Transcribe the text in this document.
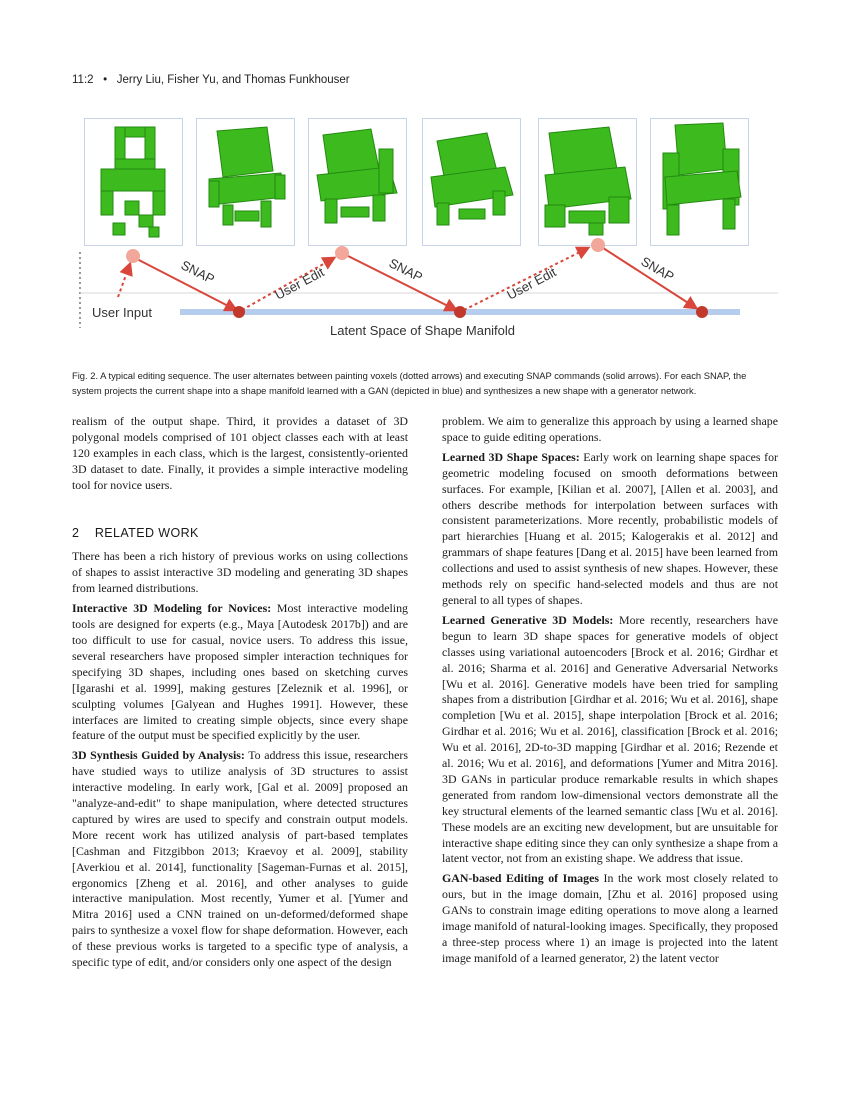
11:2 • Jerry Liu, Fisher Yu, and Thomas Funkhouser
User Input
SNAP	SNAP	SNAP
User Edit	User Edit
Latent Space of Shape Manifold
Fig. 2. A typical editing sequence. The user alternates between painting voxels (dotted arrows) and executing SNAP commands (solid arrows). For each SNAP, the system projects the current shape into a shape manifold learned with a GAN (depicted in blue) and synthesizes a new shape with a generator network.

realism of the output shape. Third, it provides a dataset of 3D polygonal models comprised of 101 object classes each with at least 120 examples in each class, which is the largest, consistently-oriented 3D dataset to date. Finally, it provides a simple interactive modeling tool for novice users.

2 RELATED WORK

There has been a rich history of previous works on using collections of shapes to assist interactive 3D modeling and generating 3D shapes from learned distributions.

Interactive 3D Modeling for Novices: Most interactive modeling tools are designed for experts (e.g., Maya [Autodesk 2017b]) and are too difficult to use for casual, novice users. To address this issue, several researchers have proposed simpler interaction techniques for specifying 3D shapes, including ones based on sketching curves [Igarashi et al. 1999], making gestures [Zeleznik et al. 1996], or sculpting volumes [Galyean and Hughes 1991]. However, these interfaces are limited to creating simple objects, since every shape feature of the output must be specified explicitly by the user.

3D Synthesis Guided by Analysis: To address this issue, researchers have studied ways to utilize analysis of 3D structures to assist interactive modeling. In early work, [Gal et al. 2009] proposed an "analyze-and-edit" to shape manipulation, where detected structures captured by wires are used to specify and constrain output models. More recent work has utilized analysis of part-based templates [Cashman and Fitzgibbon 2013; Kraevoy et al. 2009], stability [Averkiou et al. 2014], functionality [Sageman-Furnas et al. 2015], ergonomics [Zheng et al. 2016], and other analyses to guide interactive manipulation. Most recently, Yumer et al. [Yumer and Mitra 2016] used a CNN trained on un-deformed/deformed shape pairs to synthesize a voxel flow for shape deformation. However, each of these previous works is targeted to a specific type of analysis, a specific type of edit, and/or considers only one aspect of the design

problem. We aim to generalize this approach by using a learned shape space to guide editing operations.

Learned 3D Shape Spaces: Early work on learning shape spaces for geometric modeling focused on smooth deformations between surfaces. For example, [Kilian et al. 2007], [Allen et al. 2003], and others describe methods for interpolation between surfaces with consistent parameterizations. More recently, probabilistic models of part hierarchies [Huang et al. 2015; Kalogerakis et al. 2012] and grammars of shape features [Dang et al. 2015] have been learned from collections and used to assist synthesis of new shapes. However, these methods rely on specific hand-selected models and thus are not general to all types of shapes.

Learned Generative 3D Models: More recently, researchers have begun to learn 3D shape spaces for generative models of object classes using variational autoencoders [Brock et al. 2016; Girdhar et al. 2016; Sharma et al. 2016] and Generative Adversarial Networks [Wu et al. 2016]. Generative models have been tried for sampling shapes from a distribution [Girdhar et al. 2016; Wu et al. 2016], shape completion [Wu et al. 2015], shape interpolation [Brock et al. 2016; Girdhar et al. 2016; Wu et al. 2016], classification [Brock et al. 2016; Wu et al. 2016], 2D-to-3D mapping [Girdhar et al. 2016; Rezende et al. 2016; Wu et al. 2016], and deformations [Yumer and Mitra 2016]. 3D GANs in particular produce remarkable results in which shapes generated from random low-dimensional vectors demonstrate all the key structural elements of the learned semantic class [Wu et al. 2016]. These models are an exciting new development, but are unsuitable for interactive shape editing since they can only synthesize a shape from a latent vector, not from an existing shape. We address that issue.

GAN-based Editing of Images In the work most closely related to ours, but in the image domain, [Zhu et al. 2016] proposed using GANs to constrain image editing operations to move along a learned image manifold of natural-looking images. Specifically, they proposed a three-step process where 1) an image is projected into the latent image manifold of a learned generator, 2) the latent vector
